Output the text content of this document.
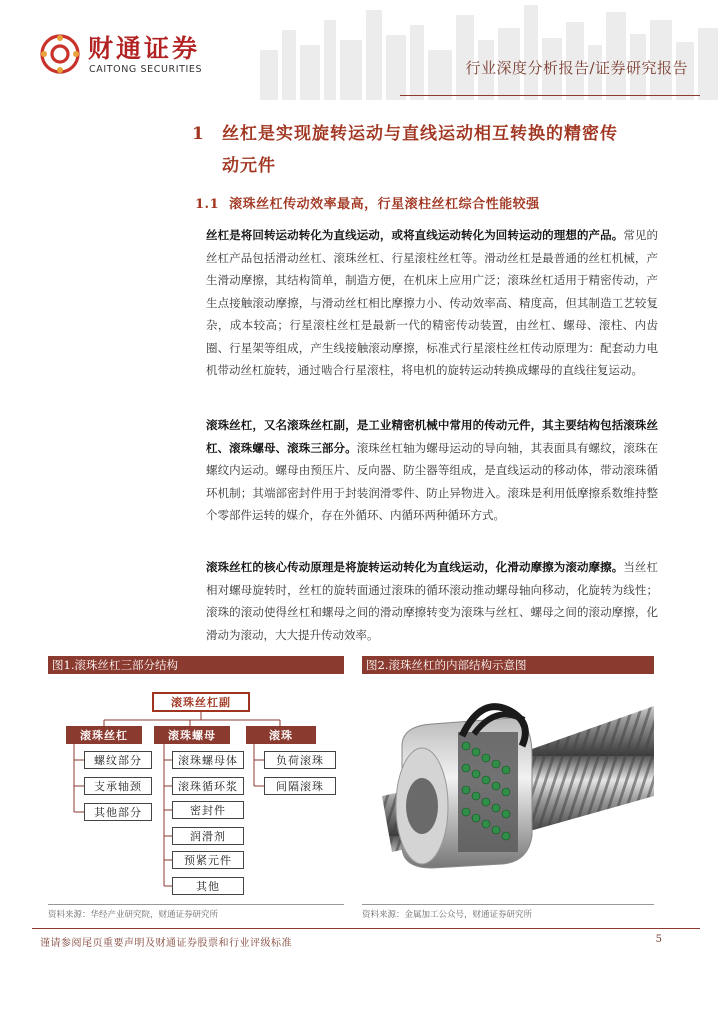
财通证券
CAITONG SECURITIES	行业深度分析报告/证券研究报告
1	丝杠是实现旋转运动与直线运动相互转换的精密传
动元件
1.1 滚珠丝杠传动效率最高，行星滚柱丝杠综合性能较强
丝杠是将回转运动转化为直线运动，或将直线运动转化为回转运动的理想的产品。常见的丝杠产品包括滑动丝杠、滚珠丝杠、行星滚柱丝杠等。滑动丝杠是最普通的丝杠机械，产生滑动摩擦，其结构简单，制造方便，在机床上应用广泛；滚珠丝杠适用于精密传动，产生点接触滚动摩擦，与滑动丝杠相比摩擦力小、传动效率高、精度高，但其制造工艺较复杂，成本较高；行星滚柱丝杠是最新一代的精密传动装置，由丝杠、螺母、滚柱、内齿圈、行星架等组成，产生线接触滚动摩擦，标准式行星滚柱丝杠传动原理为：配套动力电机带动丝杠旋转，通过啮合行星滚柱，将电机的旋转运动转换成螺母的直线往复运动。
滚珠丝杠，又名滚珠丝杠副，是工业精密机械中常用的传动元件，其主要结构包括滚珠丝杠、滚珠螺母、滚珠三部分。滚珠丝杠轴为螺母运动的导向轴，其表面具有螺纹，滚珠在螺纹内运动。螺母由预压片、反向器、防尘器等组成，是直线运动的移动体，带动滚珠循环机制；其端部密封件用于封装润滑零件、防止异物进入。滚珠是利用低摩擦系数维持整个零部件运转的媒介，存在外循环、内循环两种循环方式。
滚珠丝杠的核心传动原理是将旋转运动转化为直线运动，化滑动摩擦为滚动摩擦。当丝杠相对螺母旋转时，丝杠的旋转面通过滚珠的循环滚动推动螺母轴向移动，化旋转为线性；滚珠的滚动使得丝杠和螺母之间的滑动摩擦转变为滚珠与丝杠、螺母之间的滚动摩擦，化滑动为滚动，大大提升传动效率。
图1.滚珠丝杠三部分结构	图2.滚珠丝杠的内部结构示意图
滚珠丝杠副
滚珠丝杠	滚珠螺母	滚珠
螺纹部分
支承轴颈
其他部分
滚珠螺母体
滚珠循环浆
密封件
润滑剂
预紧元件
其他
负荷滚珠
间隔滚珠
资料来源：华经产业研究院，财通证券研究所	资料来源：金属加工公众号，财通证券研究所
谨请参阅尾页重要声明及财通证券股票和行业评级标准	5
